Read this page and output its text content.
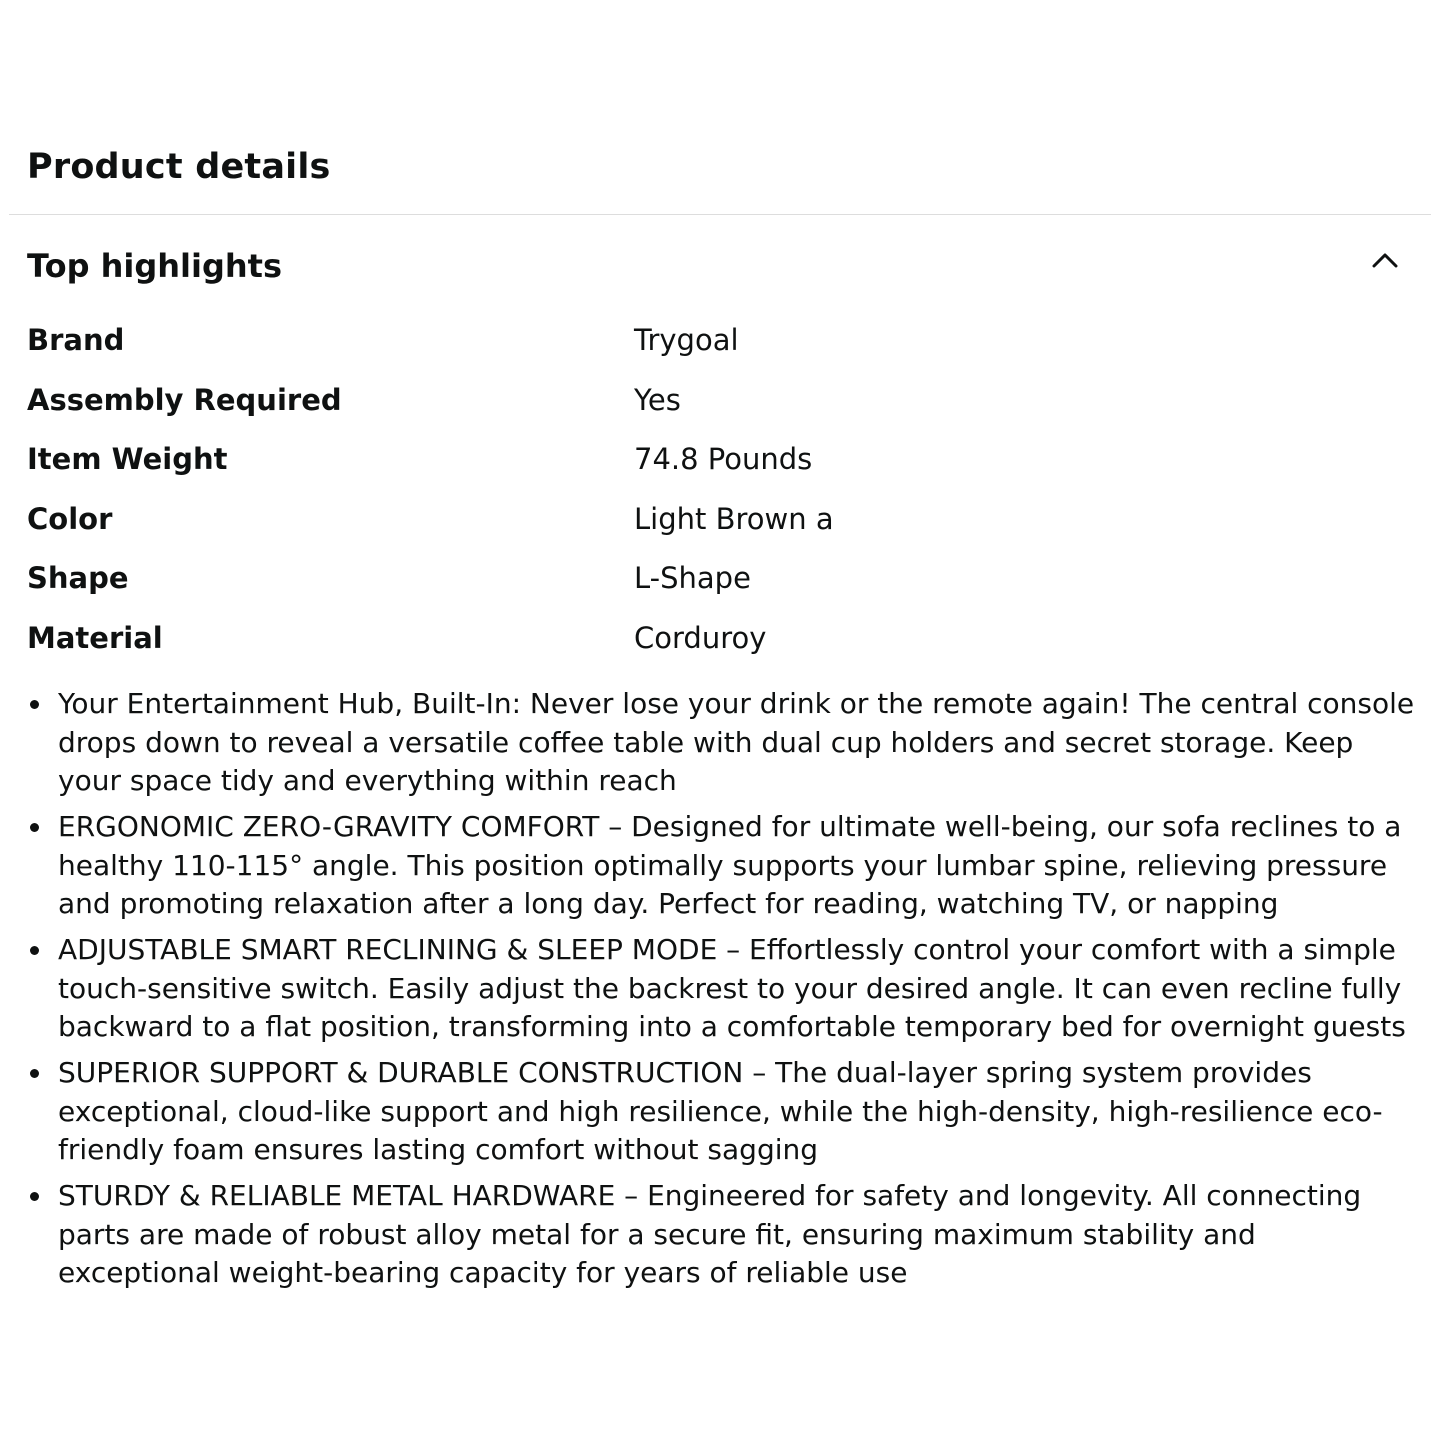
Product details
Top highlights
Brand	Trygoal
Assembly Required	Yes
Item Weight	74.8 Pounds
Color	Light Brown a
Shape	L-Shape
Material	Corduroy
Your Entertainment Hub, Built-In: Never lose your drink or the remote again! The central console drops down to reveal a versatile coffee table with dual cup holders and secret storage. Keep your space tidy and everything within reach
ERGONOMIC ZERO-GRAVITY COMFORT – Designed for ultimate well-being, our sofa reclines to a healthy 110-115° angle. This position optimally supports your lumbar spine, relieving pressure and promoting relaxation after a long day. Perfect for reading, watching TV, or napping
ADJUSTABLE SMART RECLINING & SLEEP MODE – Effortlessly control your comfort with a simple touch-sensitive switch. Easily adjust the backrest to your desired angle. It can even recline fully backward to a flat position, transforming into a comfortable temporary bed for overnight guests
SUPERIOR SUPPORT & DURABLE CONSTRUCTION – The dual-layer spring system provides exceptional, cloud-like support and high resilience, while the high-density, high-resilience eco-friendly foam ensures lasting comfort without sagging
STURDY & RELIABLE METAL HARDWARE – Engineered for safety and longevity. All connecting parts are made of robust alloy metal for a secure fit, ensuring maximum stability and exceptional weight-bearing capacity for years of reliable use
